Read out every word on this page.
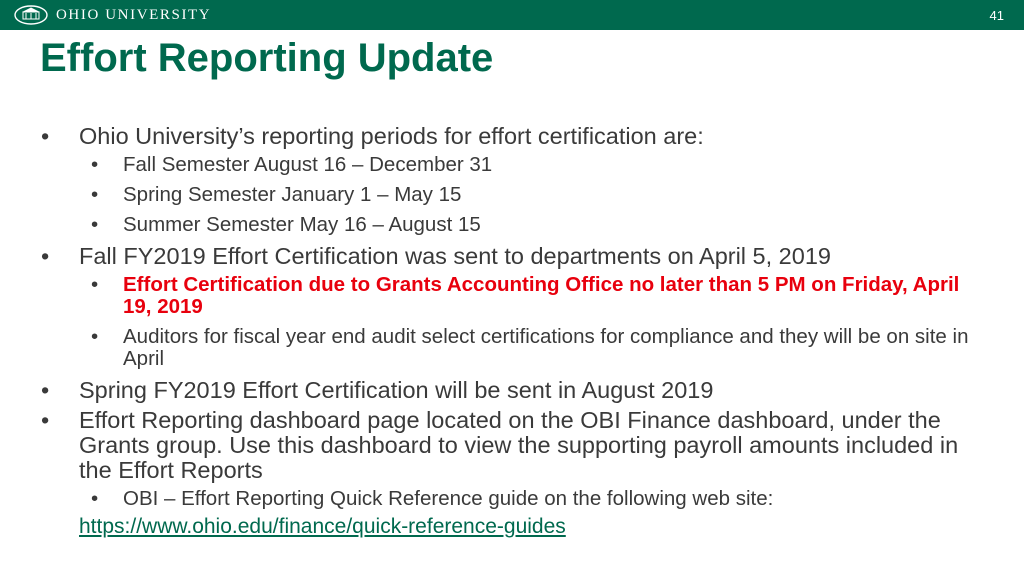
OHIO UNIVERSITY	41
Effort Reporting Update
• Ohio University’s reporting periods for effort certification are:
• Fall Semester August 16 – December 31
• Spring Semester January 1 – May 15
• Summer Semester May 16 – August 15
• Fall FY2019 Effort Certification was sent to departments on April 5, 2019
• Effort Certification due to Grants Accounting Office no later than 5 PM on Friday, April 19, 2019
• Auditors for fiscal year end audit select certifications for compliance and they will be on site in April
• Spring FY2019 Effort Certification will be sent in August 2019
• Effort Reporting dashboard page located on the OBI Finance dashboard, under the Grants group. Use this dashboard to view the supporting payroll amounts included in the Effort Reports
• OBI – Effort Reporting Quick Reference guide on the following web site:
https://www.ohio.edu/finance/quick-reference-guides
